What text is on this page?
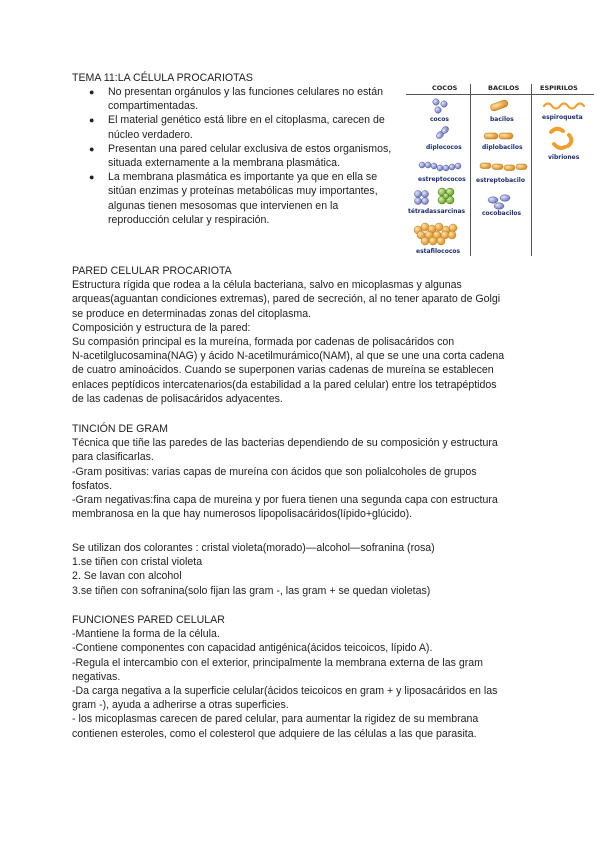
TEMA 11:LA CÉLULA PROCARIOTAS
● No presentan orgánulos y las funciones celulares no están compartimentadas.
● El material genético está libre en el citoplasma, carecen de núcleo verdadero.
● Presentan una pared celular exclusiva de estos organismos, situada externamente a la membrana plasmática.
● La membrana plasmática es importante ya que en ella se sitúan enzimas y proteínas metabólicas muy importantes, algunas tienen mesosomas que intervienen en la reproducción celular y respiración.
COCOS	BACILOS	ESPIRILOS
cocos
diplococos
estreptococos
tétradas sarcinas
estafilococos
bacilos
diplobacilos
estreptobacilo
cocobacilos
espiroqueta
vibriones

PARED CELULAR PROCARIOTA

Estructura rígida que rodea a la célula bacteriana, salvo en micoplasmas y algunas

arqueas(aguantan condiciones extremas), pared de secreción, al no tener aparato de Golgi

se produce en determinadas zonas del citoplasma.

Composición y estructura de la pared:

Su compasión principal es la mureína, formada por cadenas de polisacáridos con

N-acetilglucosamina(NAG) y ácido N-acetilmurámico(NAM), al que se une una corta cadena

de cuatro aminoácidos. Cuando se superponen varias cadenas de mureína se establecen

enlaces peptídicos intercatenarios(da estabilidad a la pared celular) entre los tetrapéptidos

de las cadenas de polisacáridos adyacentes.

TINCIÓN DE GRAM

Técnica que tiñe las paredes de las bacterias dependiendo de su composición y estructura

para clasificarlas.

-Gram positivas: varias capas de mureína con ácidos que son polialcoholes de grupos

fosfatos.

-Gram negativas:fina capa de mureina y por fuera tienen una segunda capa con estructura

membranosa en la que hay numerosos lipopolisacáridos(lípido+glúcido).

Se utilizan dos colorantes : cristal violeta(morado)—alcohol—sofranina (rosa)

1.se tiñen con cristal violeta

2. Se lavan con alcohol

3.se tiñen con sofranina(solo fijan las gram -, las gram + se quedan violetas)

FUNCIONES PARED CELULAR

-Mantiene la forma de la célula.

-Contiene componentes con capacidad antigénica(ácidos teicoicos, lípido A).

-Regula el intercambio con el exterior, principalmente la membrana externa de las gram

negativas.

-Da carga negativa a la superficie celular(ácidos teicoicos en gram + y liposacáridos en las

gram -), ayuda a adherirse a otras superficies.

- los micoplasmas carecen de pared celular, para aumentar la rigidez de su membrana

contienen esteroles, como el colesterol que adquiere de las células a las que parasita.
